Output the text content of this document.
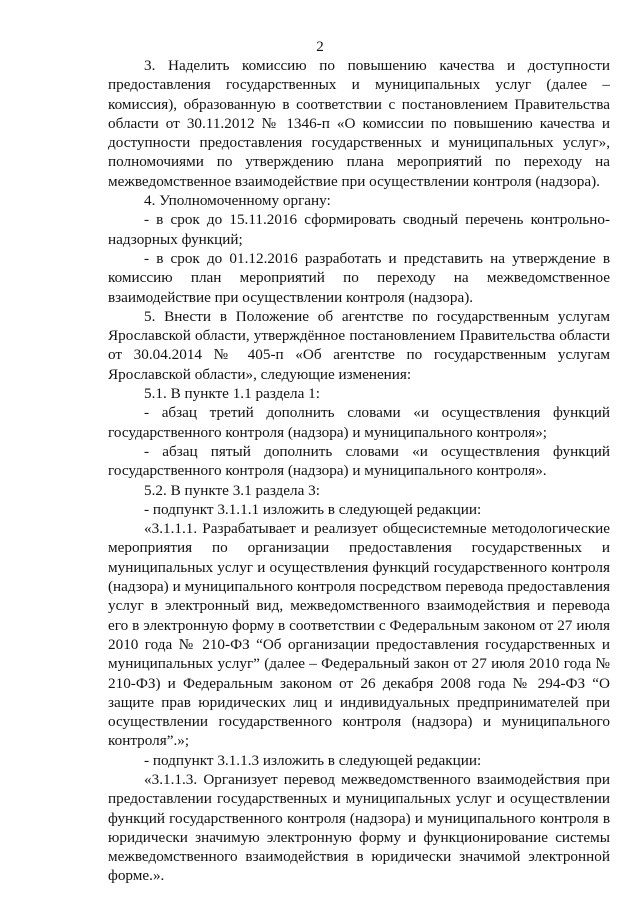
2

3. Наделить комиссию по повышению качества и доступности предоставления государственных и муниципальных услуг (далее – комиссия), образованную в соответствии с постановлением Правительства области от 30.11.2012 № 1346-п «О комиссии по повышению качества и доступности предоставления государственных и муниципальных услуг», полномочиями по утверждению плана мероприятий по переходу на межведомственное взаимодействие при осуществлении контроля (надзора).

4. Уполномоченному органу:

- в срок до 15.11.2016 сформировать сводный перечень контрольно-надзорных функций;

- в срок до 01.12.2016 разработать и представить на утверждение в комиссию план мероприятий по переходу на межведомственное взаимодействие при осуществлении контроля (надзора).

5. Внести в Положение об агентстве по государственным услугам Ярославской области, утверждённое постановлением Правительства области от 30.04.2014 № 405-п «Об агентстве по государственным услугам Ярославской области», следующие изменения:

5.1. В пункте 1.1 раздела 1:

- абзац третий дополнить словами «и осуществления функций государственного контроля (надзора) и муниципального контроля»;

- абзац пятый дополнить словами «и осуществления функций государственного контроля (надзора) и муниципального контроля».

5.2. В пункте 3.1 раздела 3:

- подпункт 3.1.1.1 изложить в следующей редакции:

«3.1.1.1. Разрабатывает и реализует общесистемные методологические мероприятия по организации предоставления государственных и муниципальных услуг и осуществления функций государственного контроля (надзора) и муниципального контроля посредством перевода предоставления услуг в электронный вид, межведомственного взаимодействия и перевода его в электронную форму в соответствии с Федеральным законом от 27 июля 2010 года № 210-ФЗ “Об организации предоставления государственных и муниципальных услуг” (далее – Федеральный закон от 27 июля 2010 года № 210-ФЗ) и Федеральным законом от 26 декабря 2008 года № 294-ФЗ “О защите прав юридических лиц и индивидуальных предпринимателей при осуществлении государственного контроля (надзора) и муниципального контроля”.»;

- подпункт 3.1.1.3 изложить в следующей редакции:

«3.1.1.3. Организует перевод межведомственного взаимодействия при предоставлении государственных и муниципальных услуг и осуществлении функций государственного контроля (надзора) и муниципального контроля в юридически значимую электронную форму и функционирование системы межведомственного взаимодействия в юридически значимой электронной форме.».
